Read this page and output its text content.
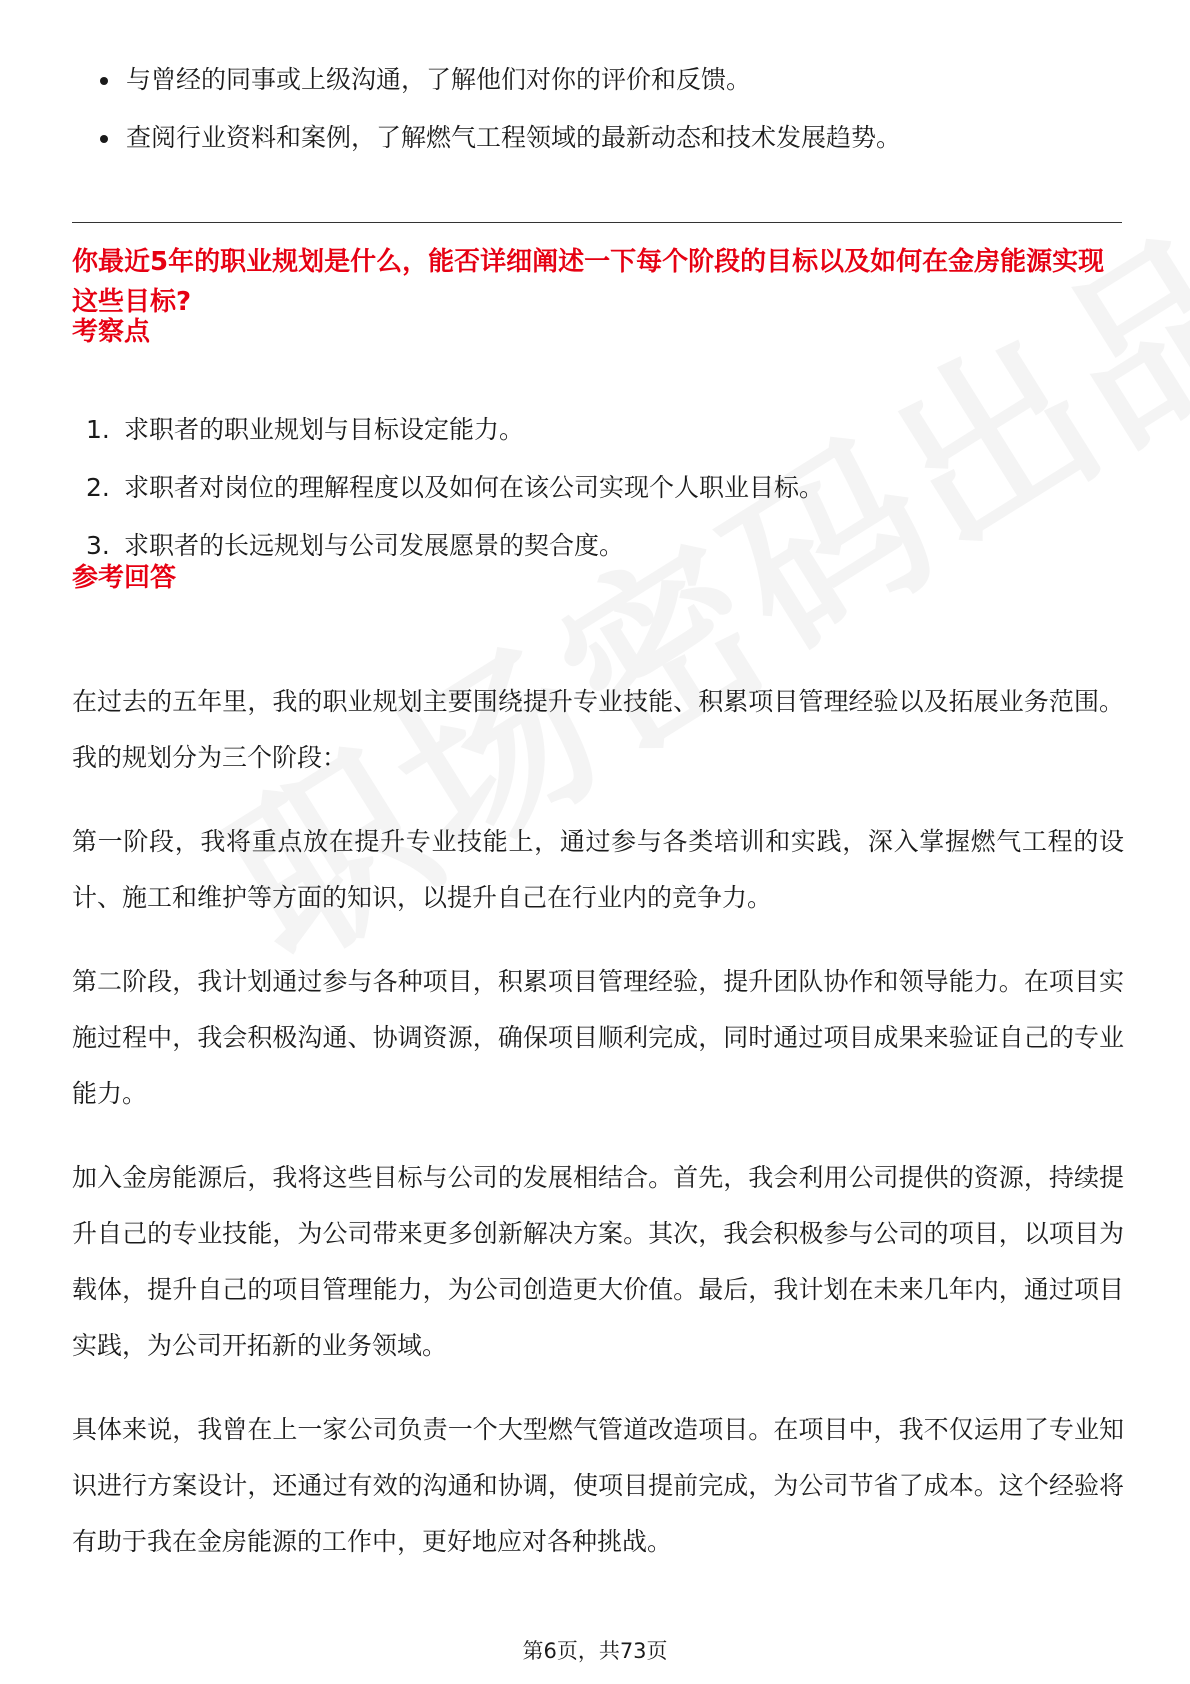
与曾经的同事或上级沟通，了解他们对你的评价和反馈。
查阅行业资料和案例，了解燃气工程领域的最新动态和技术发展趋势。
你最近5年的职业规划是什么，能否详细阐述一下每个阶段的目标以及如何在金房能源实现这些目标?
考察点
1. 求职者的职业规划与目标设定能力。
2. 求职者对岗位的理解程度以及如何在该公司实现个人职业目标。
3. 求职者的长远规划与公司发展愿景的契合度。
参考回答

在过去的五年里，我的职业规划主要围绕提升专业技能、积累项目管理经验以及拓展业务范围。我的规划分为三个阶段：

第一阶段，我将重点放在提升专业技能上，通过参与各类培训和实践，深入掌握燃气工程的设计、施工和维护等方面的知识，以提升自己在行业内的竞争力。

第二阶段，我计划通过参与各种项目，积累项目管理经验，提升团队协作和领导能力。在项目实施过程中，我会积极沟通、协调资源，确保项目顺利完成，同时通过项目成果来验证自己的专业能力。

加入金房能源后，我将这些目标与公司的发展相结合。首先，我会利用公司提供的资源，持续提升自己的专业技能，为公司带来更多创新解决方案。其次，我会积极参与公司的项目，以项目为载体，提升自己的项目管理能力，为公司创造更大价值。最后，我计划在未来几年内，通过项目实践，为公司开拓新的业务领域。

具体来说，我曾在上一家公司负责一个大型燃气管道改造项目。在项目中，我不仅运用了专业知识进行方案设计，还通过有效的沟通和协调，使项目提前完成，为公司节省了成本。这个经验将有助于我在金房能源的工作中，更好地应对各种挑战。

第6页，共73页
